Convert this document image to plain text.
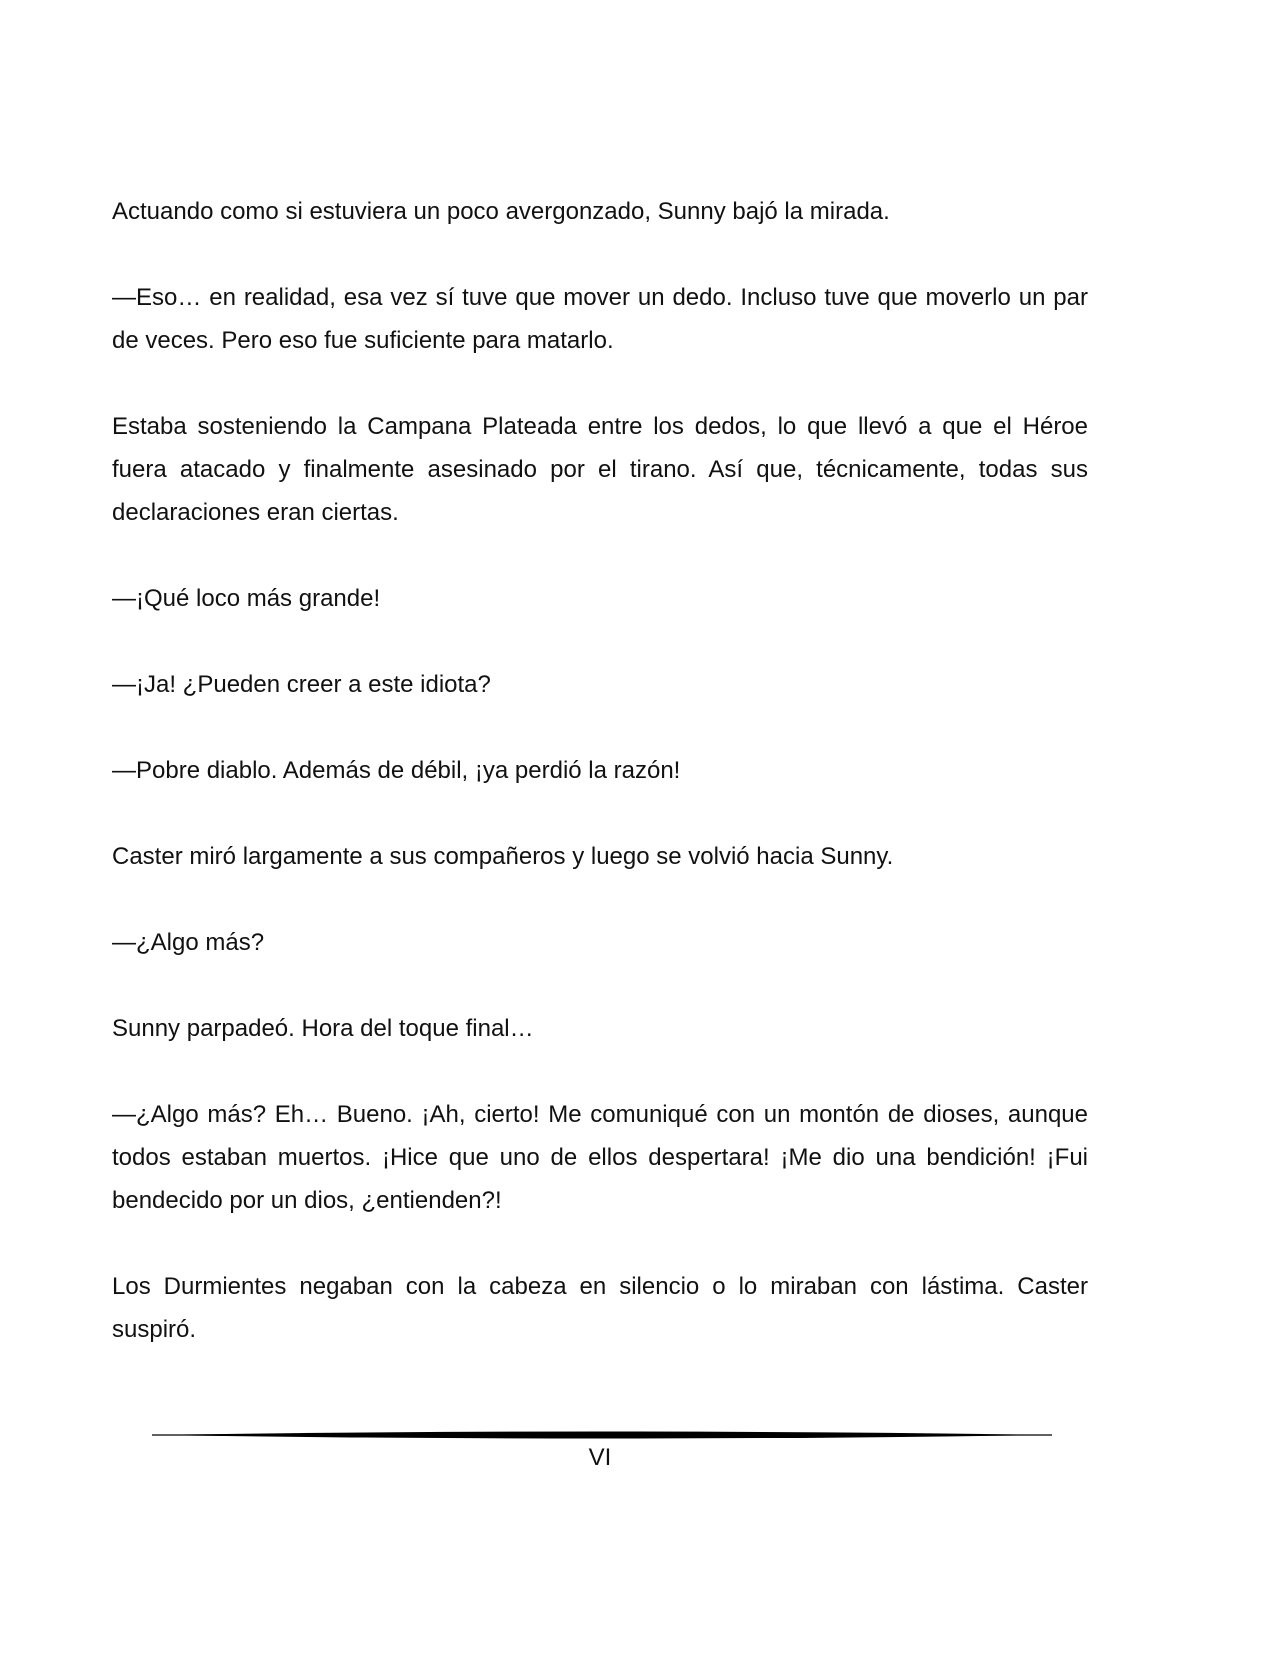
Actuando como si estuviera un poco avergonzado, Sunny bajó la mirada.

—Eso… en realidad, esa vez sí tuve que mover un dedo. Incluso tuve que moverlo un par de veces. Pero eso fue suficiente para matarlo.

Estaba sosteniendo la Campana Plateada entre los dedos, lo que llevó a que el Héroe fuera atacado y finalmente asesinado por el tirano. Así que, técnicamente, todas sus declaraciones eran ciertas.

—¡Qué loco más grande!

—¡Ja! ¿Pueden creer a este idiota?

—Pobre diablo. Además de débil, ¡ya perdió la razón!

Caster miró largamente a sus compañeros y luego se volvió hacia Sunny.

—¿Algo más?

Sunny parpadeó. Hora del toque final…

—¿Algo más? Eh… Bueno. ¡Ah, cierto! Me comuniqué con un montón de dioses, aunque todos estaban muertos. ¡Hice que uno de ellos despertara! ¡Me dio una bendición! ¡Fui bendecido por un dios, ¿entienden?!

Los Durmientes negaban con la cabeza en silencio o lo miraban con lástima. Caster suspiró.

VI
